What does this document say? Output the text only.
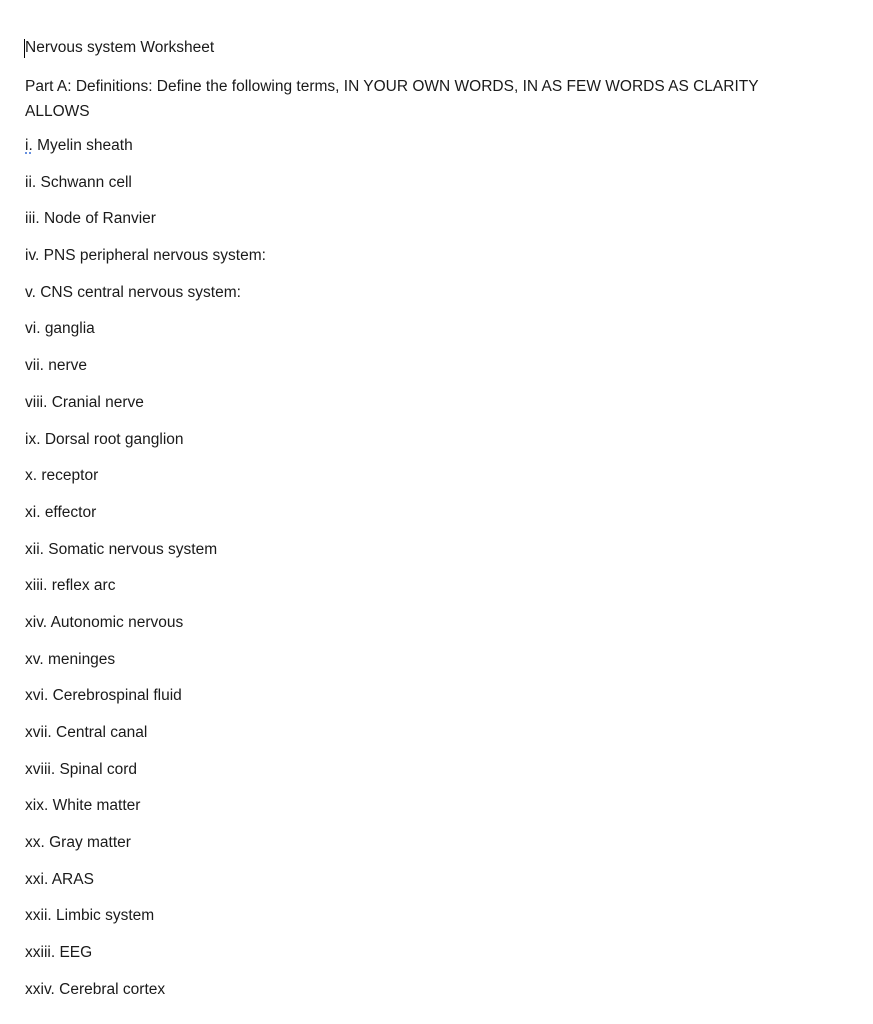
Nervous system Worksheet
Part A: Definitions: Define the following terms, IN YOUR OWN WORDS, IN AS FEW WORDS AS CLARITY ALLOWS
i. Myelin sheath
ii. Schwann cell
iii. Node of Ranvier
iv. PNS peripheral nervous system:
v. CNS central nervous system:
vi. ganglia
vii. nerve
viii. Cranial nerve
ix. Dorsal root ganglion
x. receptor
xi. effector
xii. Somatic nervous system
xiii. reflex arc
xiv. Autonomic nervous
xv. meninges
xvi. Cerebrospinal fluid
xvii. Central canal
xviii. Spinal cord
xix. White matter
xx. Gray matter
xxi. ARAS
xxii. Limbic system
xxiii. EEG
xxiv. Cerebral cortex
